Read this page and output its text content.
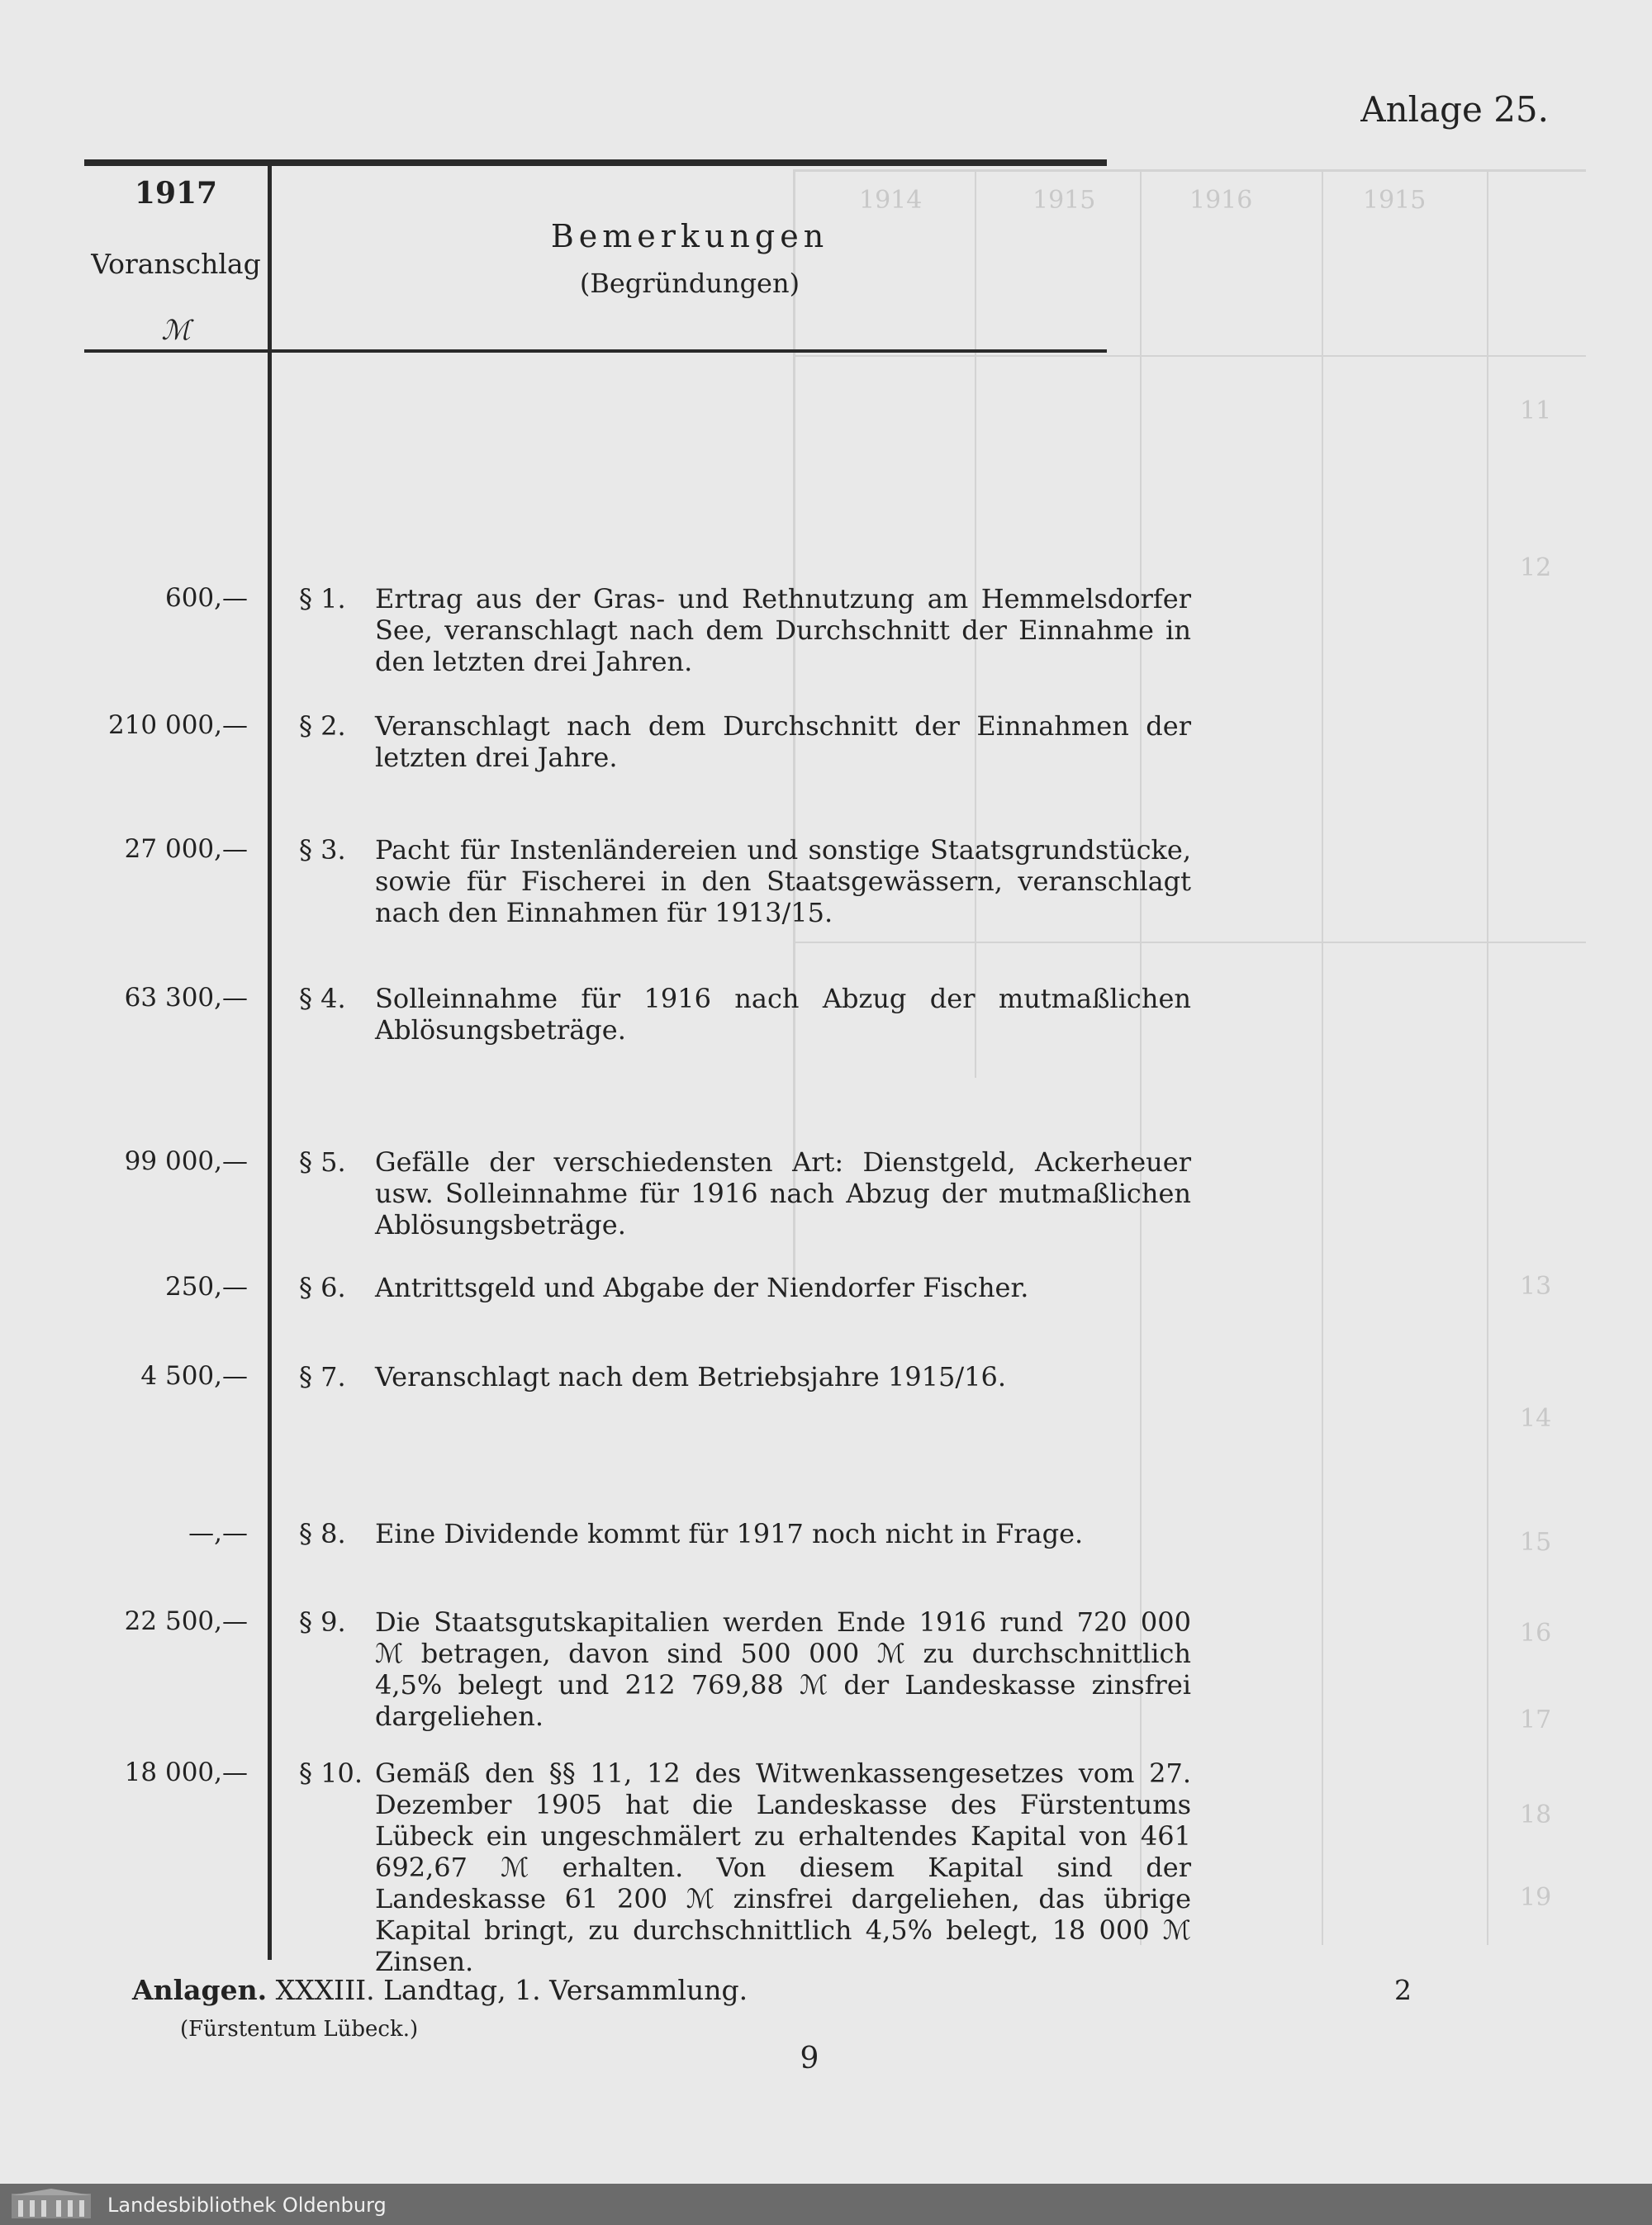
1914	1915	1916	1915
11
12
13
14
15
16
17
18
19
Anlage 25.
1917
Voranschlag
ℳ
Bemerkungen
(Begründungen)
600,— § 1.	Ertrag aus der Gras- und Rethnutzung am Hemmelsdorfer See, veranschlagt nach dem Durchschnitt der Einnahme in den letzten drei Jahren.
210 000,— § 2.	Veranschlagt nach dem Durchschnitt der Einnahmen der letzten drei Jahre.
27 000,— § 3.	Pacht für Instenländereien und sonstige Staatsgrundstücke, sowie für Fischerei in den Staatsgewässern, veranschlagt nach den Einnahmen für 1913/15.
63 300,— § 4.	Solleinnahme für 1916 nach Abzug der mutmaßlichen Ablösungsbeträge.
99 000,— § 5.	Gefälle der verschiedensten Art: Dienstgeld, Ackerheuer usw. Solleinnahme für 1916 nach Abzug der mutmaßlichen Ablösungsbeträge.
250,— § 6.	Antrittsgeld und Abgabe der Niendorfer Fischer.
4 500,— § 7.	Veranschlagt nach dem Betriebsjahre 1915/16.
—,— § 8.	Eine Dividende kommt für 1917 noch nicht in Frage.
22 500,— § 9.	Die Staatsgutskapitalien werden Ende 1916 rund 720 000 ℳ betragen, davon sind 500 000 ℳ zu durchschnittlich 4,5% belegt und 212 769,88 ℳ der Landeskasse zinsfrei dargeliehen.
18 000,— § 10. Gemäß den §§ 11, 12 des Witwenkassengesetzes vom 27. Dezember 1905 hat die Landeskasse des Fürstentums Lübeck ein ungeschmälert zu erhaltendes Kapital von 461 692,67 ℳ erhalten. Von diesem Kapital sind der Landeskasse 61 200 ℳ zinsfrei dargeliehen, das übrige Kapital bringt, zu durchschnittlich 4,5% belegt, 18 000 ℳ Zinsen.
Anlagen. XXXIII. Landtag, 1. Versammlung.
(Fürstentum Lübeck.)
2
9
Landesbibliothek Oldenburg
